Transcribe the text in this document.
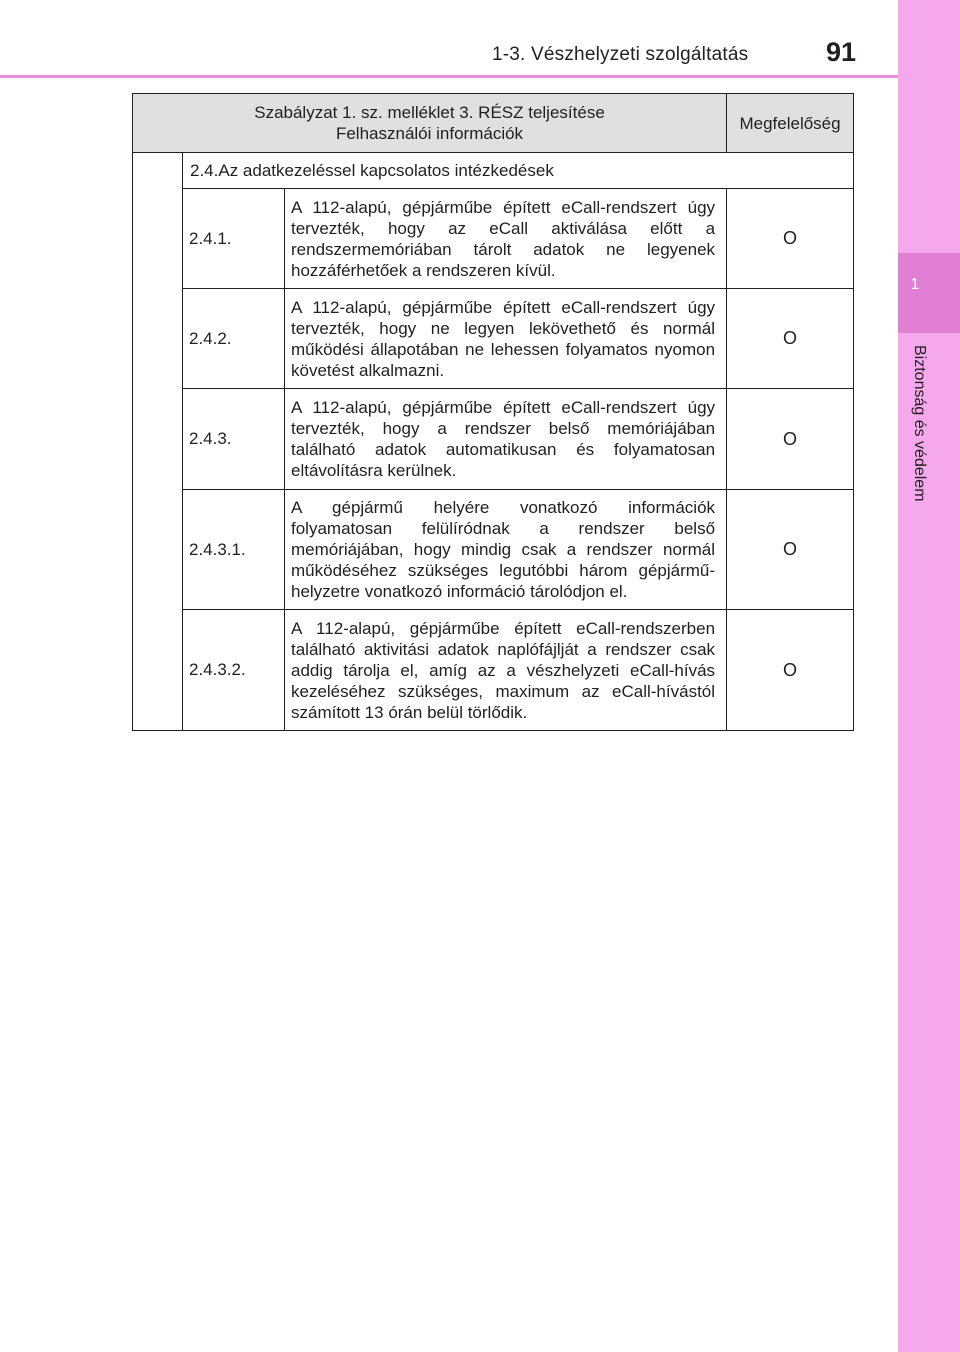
1-3. Vészhelyzeti szolgáltatás	91
1
Biztonság és védelem
Szabályzat 1. sz. melléklet 3. RÉSZ teljesítése
Felhasználói információk			Megfelelőség
	2.4.Az adatkezeléssel kapcsolatos intézkedések		
	2.4.1.	A 112-alapú, gépjárműbe épített eCall-rendszert úgy tervezték, hogy az eCall aktiválása előtt a rendszermemóriában tárolt adatok ne legyenek hozzáférhetőek a rendszeren kívül.	O
	2.4.2.	A 112-alapú, gépjárműbe épített eCall-rendszert úgy tervezték, hogy ne legyen lekövethető és normál működési állapotában ne lehessen folyamatos nyomon követést alkalmazni.	O
	2.4.3.	A 112-alapú, gépjárműbe épített eCall-rendszert úgy tervezték, hogy a rendszer belső memóriájában található adatok automatikusan és folyamatosan eltávolításra kerülnek.	O
	2.4.3.1.	A gépjármű helyére vonatkozó információk folyamatosan felülíródnak a rendszer belső memóriájában, hogy mindig csak a rendszer normál működéséhez szükséges legutóbbi három gépjármű-helyzetre vonatkozó információ tárolódjon el.	O
	2.4.3.2.	A 112-alapú, gépjárműbe épített eCall-rendszerben található aktivitási adatok naplófájlját a rendszer csak addig tárolja el, amíg az a vészhelyzeti eCall-hívás kezeléséhez szükséges, maximum az eCall-hívástól számított 13 órán belül törlődik.	O
